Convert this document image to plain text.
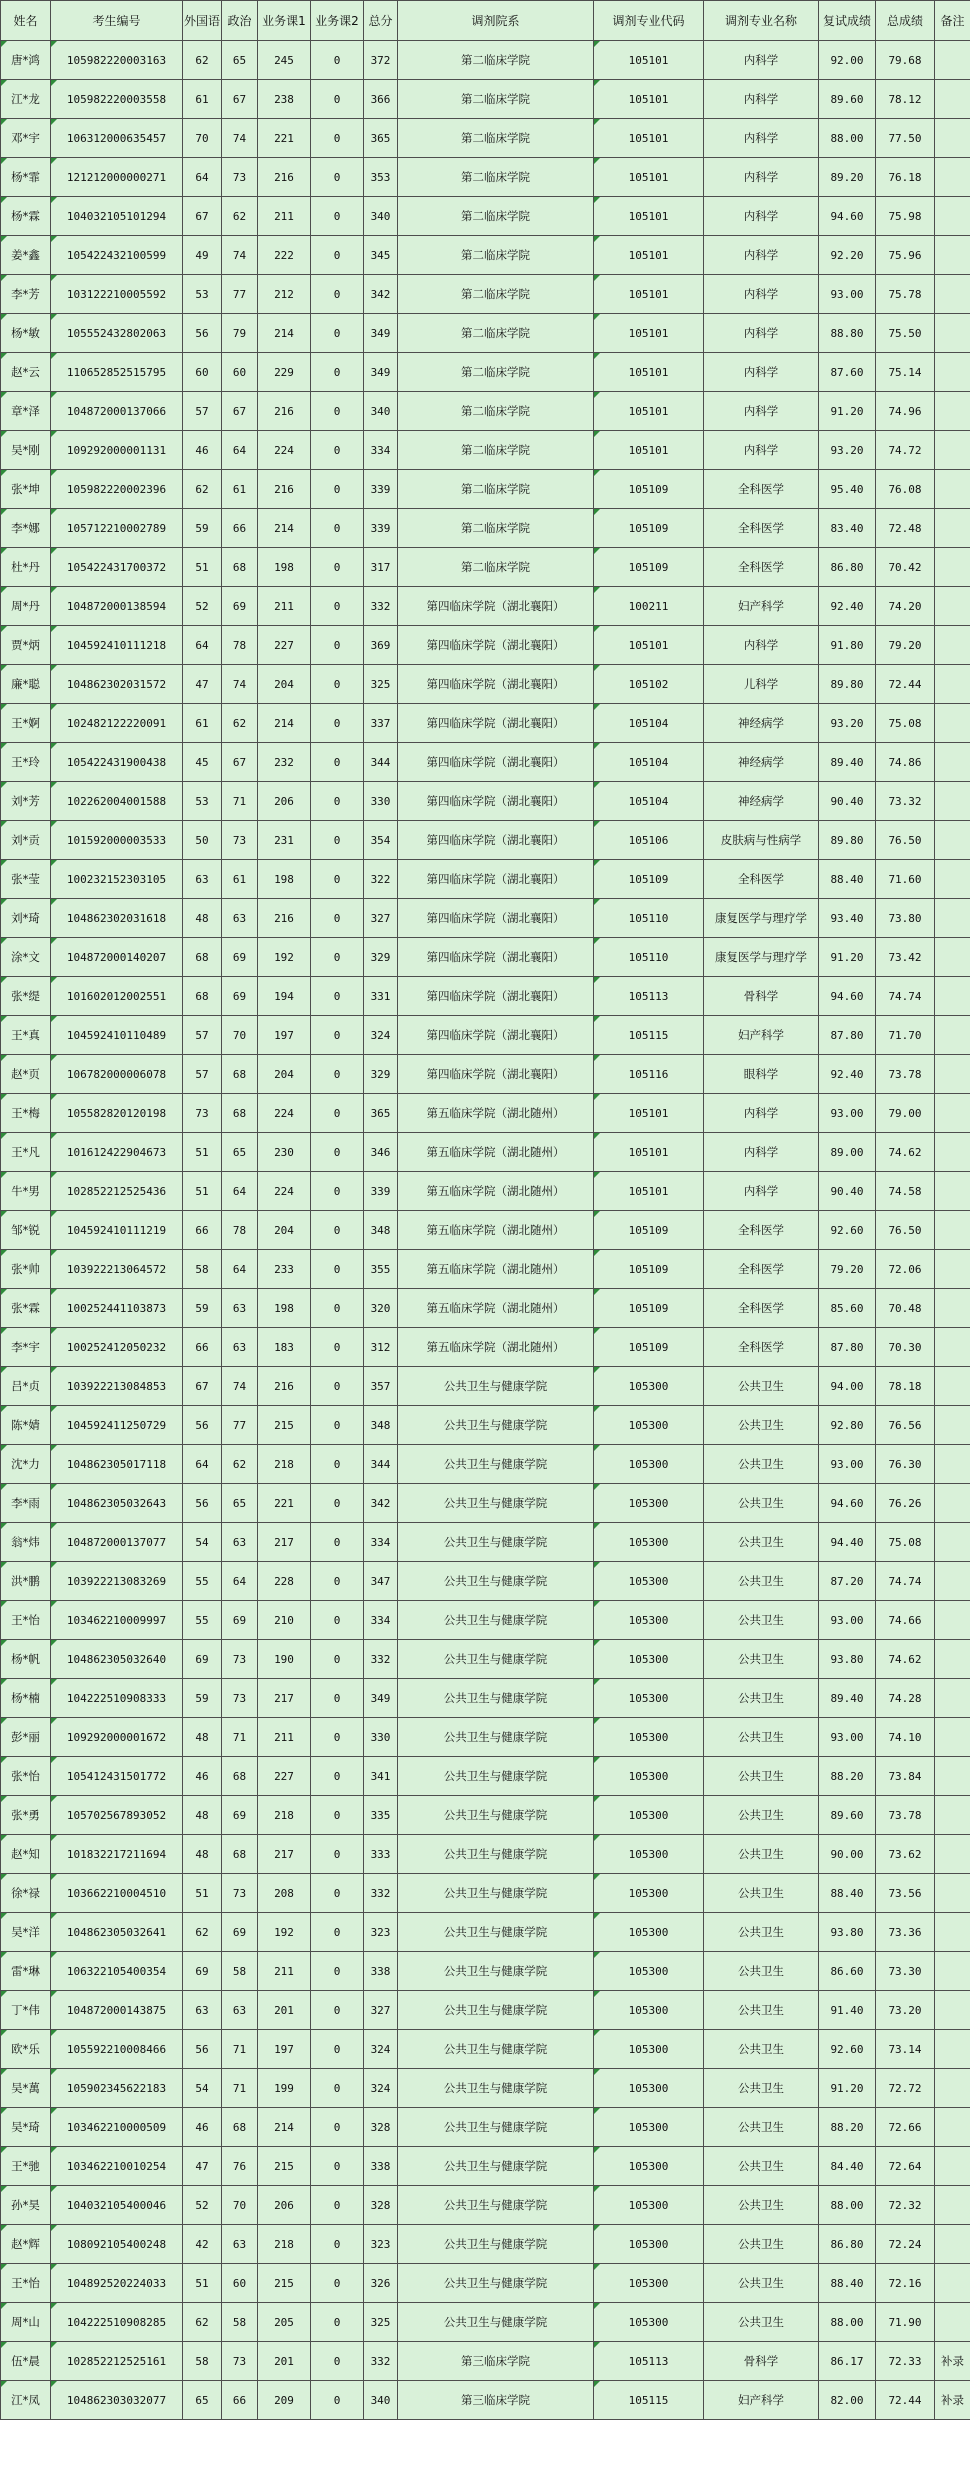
姓名	考生编号	外国语	政治	业务课1	业务课2	总分	调剂院系	调剂专业代码	调剂专业名称	复试成绩	总成绩	备注
唐*鸿	105982220003163	62	65	245	0	372	第二临床学院	105101	内科学	92.00	79.68	
江*龙	105982220003558	61	67	238	0	366	第二临床学院	105101	内科学	89.60	78.12	
邓*宇	106312000635457	70	74	221	0	365	第二临床学院	105101	内科学	88.00	77.50	
杨*霏	121212000000271	64	73	216	0	353	第二临床学院	105101	内科学	89.20	76.18	
杨*霖	104032105101294	67	62	211	0	340	第二临床学院	105101	内科学	94.60	75.98	
姜*鑫	105422432100599	49	74	222	0	345	第二临床学院	105101	内科学	92.20	75.96	
李*芳	103122210005592	53	77	212	0	342	第二临床学院	105101	内科学	93.00	75.78	
杨*敏	105552432802063	56	79	214	0	349	第二临床学院	105101	内科学	88.80	75.50	
赵*云	110652852515795	60	60	229	0	349	第二临床学院	105101	内科学	87.60	75.14	
章*泽	104872000137066	57	67	216	0	340	第二临床学院	105101	内科学	91.20	74.96	
吴*刚	109292000001131	46	64	224	0	334	第二临床学院	105101	内科学	93.20	74.72	
张*坤	105982220002396	62	61	216	0	339	第二临床学院	105109	全科医学	95.40	76.08	
李*娜	105712210002789	59	66	214	0	339	第二临床学院	105109	全科医学	83.40	72.48	
杜*丹	105422431700372	51	68	198	0	317	第二临床学院	105109	全科医学	86.80	70.42	
周*丹	104872000138594	52	69	211	0	332	第四临床学院（湖北襄阳）	100211	妇产科学	92.40	74.20	
贾*炳	104592410111218	64	78	227	0	369	第四临床学院（湖北襄阳）	105101	内科学	91.80	79.20	
廉*聪	104862302031572	47	74	204	0	325	第四临床学院（湖北襄阳）	105102	儿科学	89.80	72.44	
王*婀	102482122220091	61	62	214	0	337	第四临床学院（湖北襄阳）	105104	神经病学	93.20	75.08	
王*玲	105422431900438	45	67	232	0	344	第四临床学院（湖北襄阳）	105104	神经病学	89.40	74.86	
刘*芳	102262004001588	53	71	206	0	330	第四临床学院（湖北襄阳）	105104	神经病学	90.40	73.32	
刘*贡	101592000003533	50	73	231	0	354	第四临床学院（湖北襄阳）	105106	皮肤病与性病学	89.80	76.50	
张*莹	100232152303105	63	61	198	0	322	第四临床学院（湖北襄阳）	105109	全科医学	88.40	71.60	
刘*琦	104862302031618	48	63	216	0	327	第四临床学院（湖北襄阳）	105110	康复医学与理疗学	93.40	73.80	
涂*文	104872000140207	68	69	192	0	329	第四临床学院（湖北襄阳）	105110	康复医学与理疗学	91.20	73.42	
张*缇	101602012002551	68	69	194	0	331	第四临床学院（湖北襄阳）	105113	骨科学	94.60	74.74	
王*真	104592410110489	57	70	197	0	324	第四临床学院（湖北襄阳）	105115	妇产科学	87.80	71.70	
赵*页	106782000006078	57	68	204	0	329	第四临床学院（湖北襄阳）	105116	眼科学	92.40	73.78	
王*梅	105582820120198	73	68	224	0	365	第五临床学院（湖北随州）	105101	内科学	93.00	79.00	
王*凡	101612422904673	51	65	230	0	346	第五临床学院（湖北随州）	105101	内科学	89.00	74.62	
牛*男	102852212525436	51	64	224	0	339	第五临床学院（湖北随州）	105101	内科学	90.40	74.58	
邹*锐	104592410111219	66	78	204	0	348	第五临床学院（湖北随州）	105109	全科医学	92.60	76.50	
张*帅	103922213064572	58	64	233	0	355	第五临床学院（湖北随州）	105109	全科医学	79.20	72.06	
张*霖	100252441103873	59	63	198	0	320	第五临床学院（湖北随州）	105109	全科医学	85.60	70.48	
李*宇	100252412050232	66	63	183	0	312	第五临床学院（湖北随州）	105109	全科医学	87.80	70.30	
吕*贞	103922213084853	67	74	216	0	357	公共卫生与健康学院	105300	公共卫生	94.00	78.18	
陈*婧	104592411250729	56	77	215	0	348	公共卫生与健康学院	105300	公共卫生	92.80	76.56	
沈*力	104862305017118	64	62	218	0	344	公共卫生与健康学院	105300	公共卫生	93.00	76.30	
李*雨	104862305032643	56	65	221	0	342	公共卫生与健康学院	105300	公共卫生	94.60	76.26	
翁*炜	104872000137077	54	63	217	0	334	公共卫生与健康学院	105300	公共卫生	94.40	75.08	
洪*鹏	103922213083269	55	64	228	0	347	公共卫生与健康学院	105300	公共卫生	87.20	74.74	
王*怡	103462210009997	55	69	210	0	334	公共卫生与健康学院	105300	公共卫生	93.00	74.66	
杨*帆	104862305032640	69	73	190	0	332	公共卫生与健康学院	105300	公共卫生	93.80	74.62	
杨*楠	104222510908333	59	73	217	0	349	公共卫生与健康学院	105300	公共卫生	89.40	74.28	
彭*丽	109292000001672	48	71	211	0	330	公共卫生与健康学院	105300	公共卫生	93.00	74.10	
张*怡	105412431501772	46	68	227	0	341	公共卫生与健康学院	105300	公共卫生	88.20	73.84	
张*勇	105702567893052	48	69	218	0	335	公共卫生与健康学院	105300	公共卫生	89.60	73.78	
赵*知	101832217211694	48	68	217	0	333	公共卫生与健康学院	105300	公共卫生	90.00	73.62	
徐*禄	103662210004510	51	73	208	0	332	公共卫生与健康学院	105300	公共卫生	88.40	73.56	
吴*洋	104862305032641	62	69	192	0	323	公共卫生与健康学院	105300	公共卫生	93.80	73.36	
雷*琳	106322105400354	69	58	211	0	338	公共卫生与健康学院	105300	公共卫生	86.60	73.30	
丁*伟	104872000143875	63	63	201	0	327	公共卫生与健康学院	105300	公共卫生	91.40	73.20	
欧*乐	105592210008466	56	71	197	0	324	公共卫生与健康学院	105300	公共卫生	92.60	73.14	
吴*萬	105902345622183	54	71	199	0	324	公共卫生与健康学院	105300	公共卫生	91.20	72.72	
吴*琦	103462210000509	46	68	214	0	328	公共卫生与健康学院	105300	公共卫生	88.20	72.66	
王*驰	103462210010254	47	76	215	0	338	公共卫生与健康学院	105300	公共卫生	84.40	72.64	
孙*昊	104032105400046	52	70	206	0	328	公共卫生与健康学院	105300	公共卫生	88.00	72.32	
赵*辉	108092105400248	42	63	218	0	323	公共卫生与健康学院	105300	公共卫生	86.80	72.24	
王*怡	104892520224033	51	60	215	0	326	公共卫生与健康学院	105300	公共卫生	88.40	72.16	
周*山	104222510908285	62	58	205	0	325	公共卫生与健康学院	105300	公共卫生	88.00	71.90	
伍*晨	102852212525161	58	73	201	0	332	第三临床学院	105113	骨科学	86.17	72.33	补录
江*凤	104862303032077	65	66	209	0	340	第三临床学院	105115	妇产科学	82.00	72.44	补录
